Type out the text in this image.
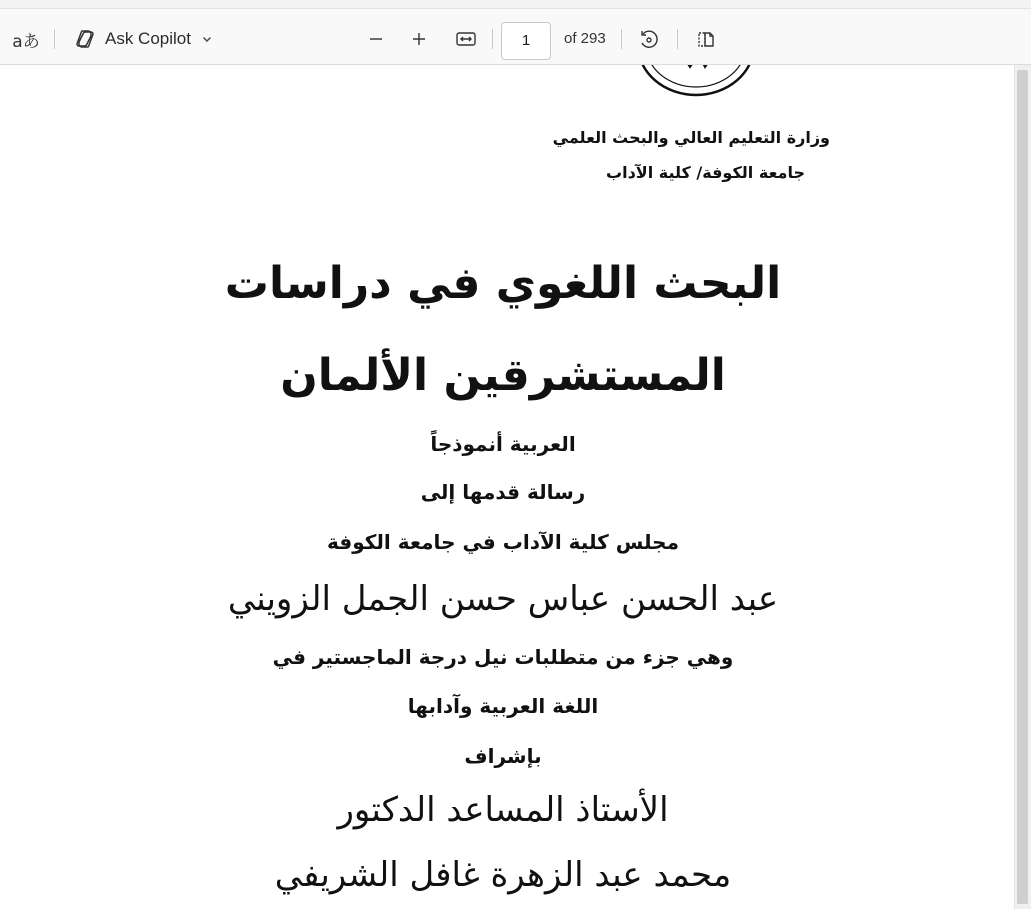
aあ	Ask Copilot	1	of 293
وزارة التعليم العالي والبحث العلمي
جامعة الكوفة/ كلية الآداب
البحث اللغوي في دراسات
المستشرقين الألمان
العربية أنموذجاً
رسالة قدمها إلى
مجلس كلية الآداب في جامعة الكوفة
عبد الحسن عباس حسن الجمل الزويني
وهي جزء من متطلبات نيل درجة الماجستير في
اللغة العربية وآدابها
بإشراف
الأستاذ المساعد الدكتور
محمد عبد الزهرة غافل الشريفي
